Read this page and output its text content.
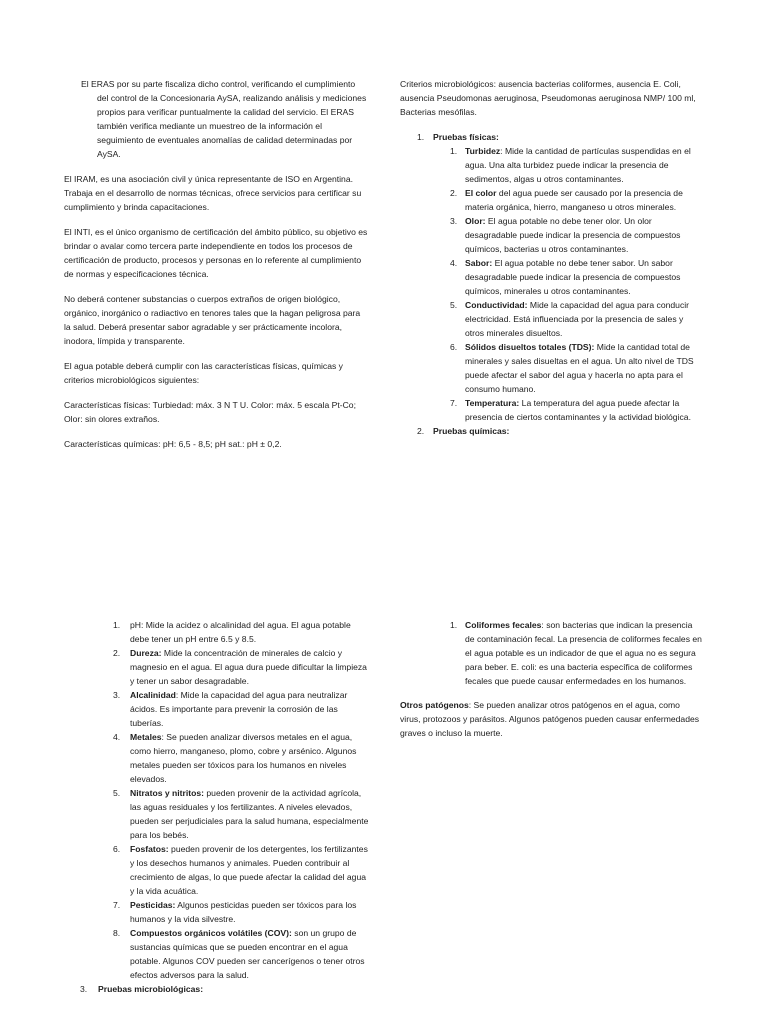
El ERAS por su parte fiscaliza dicho control, verificando el cumplimiento del control de la Concesionaria AySA, realizando análisis y mediciones propios para verificar puntualmente la calidad del servicio. El ERAS también verifica mediante un muestreo de la información el seguimiento de eventuales anomalías de calidad determinadas por AySA.

El IRAM, es una asociación civil y única representante de ISO en Argentina. Trabaja en el desarrollo de normas técnicas, ofrece servicios para certificar su cumplimiento y brinda capacitaciones.

El INTI, es el único organismo de certificación del ámbito público, su objetivo es brindar o avalar como tercera parte independiente en todos los procesos de certificación de producto, procesos y personas en lo referente al cumplimiento de normas y especificaciones técnica.

No deberá contener substancias o cuerpos extraños de origen biológico, orgánico, inorgánico o radiactivo en tenores tales que la hagan peligrosa para la salud. Deberá presentar sabor agradable y ser prácticamente incolora, inodora, límpida y transparente.

El agua potable deberá cumplir con las características físicas, químicas y criterios microbiológicos siguientes:

Características físicas: Turbiedad: máx. 3 N T U. Color: máx. 5 escala Pt-Co; Olor: sin olores extraños.

Características químicas: pH: 6,5 - 8,5; pH sat.: pH ± 0,2.

Criterios microbiológicos: ausencia bacterias coliformes, ausencia E. Coli, ausencia Pseudomonas aeruginosa, Pseudomonas aeruginosa NMP/ 100 ml, Bacterias mesófilas.

1. Pruebas físicas:
1. Turbidez: Mide la cantidad de partículas suspendidas en el agua. Una alta turbidez puede indicar la presencia de sedimentos, algas u otros contaminantes.
2. El color del agua puede ser causado por la presencia de materia orgánica, hierro, manganeso u otros minerales.
3. Olor: El agua potable no debe tener olor. Un olor desagradable puede indicar la presencia de compuestos químicos, bacterias u otros contaminantes.
4. Sabor: El agua potable no debe tener sabor. Un sabor desagradable puede indicar la presencia de compuestos químicos, minerales u otros contaminantes.
5. Conductividad: Mide la capacidad del agua para conducir electricidad. Está influenciada por la presencia de sales y otros minerales disueltos.
6. Sólidos disueltos totales (TDS): Mide la cantidad total de minerales y sales disueltas en el agua. Un alto nivel de TDS puede afectar el sabor del agua y hacerla no apta para el consumo humano.
7. Temperatura: La temperatura del agua puede afectar la presencia de ciertos contaminantes y la actividad biológica.
2. Pruebas químicas:
1. pH: Mide la acidez o alcalinidad del agua. El agua potable debe tener un pH entre 6.5 y 8.5.
2. Dureza: Mide la concentración de minerales de calcio y magnesio en el agua. El agua dura puede dificultar la limpieza y tener un sabor desagradable.
3. Alcalinidad: Mide la capacidad del agua para neutralizar ácidos. Es importante para prevenir la corrosión de las tuberías.
4. Metales: Se pueden analizar diversos metales en el agua, como hierro, manganeso, plomo, cobre y arsénico. Algunos metales pueden ser tóxicos para los humanos en niveles elevados.
5. Nitratos y nitritos: pueden provenir de la actividad agrícola, las aguas residuales y los fertilizantes. A niveles elevados, pueden ser perjudiciales para la salud humana, especialmente para los bebés.
6. Fosfatos: pueden provenir de los detergentes, los fertilizantes y los desechos humanos y animales. Pueden contribuir al crecimiento de algas, lo que puede afectar la calidad del agua y la vida acuática.
7. Pesticidas: Algunos pesticidas pueden ser tóxicos para los humanos y la vida silvestre.
8. Compuestos orgánicos volátiles (COV): son un grupo de sustancias químicas que se pueden encontrar en el agua potable. Algunos COV pueden ser cancerígenos o tener otros efectos adversos para la salud.
3. Pruebas microbiológicas:
1. Coliformes fecales: son bacterias que indican la presencia de contaminación fecal. La presencia de coliformes fecales en el agua potable es un indicador de que el agua no es segura para beber. E. coli: es una bacteria específica de coliformes fecales que puede causar enfermedades en los humanos.

Otros patógenos: Se pueden analizar otros patógenos en el agua, como virus, protozoos y parásitos. Algunos patógenos pueden causar enfermedades graves o incluso la muerte.
